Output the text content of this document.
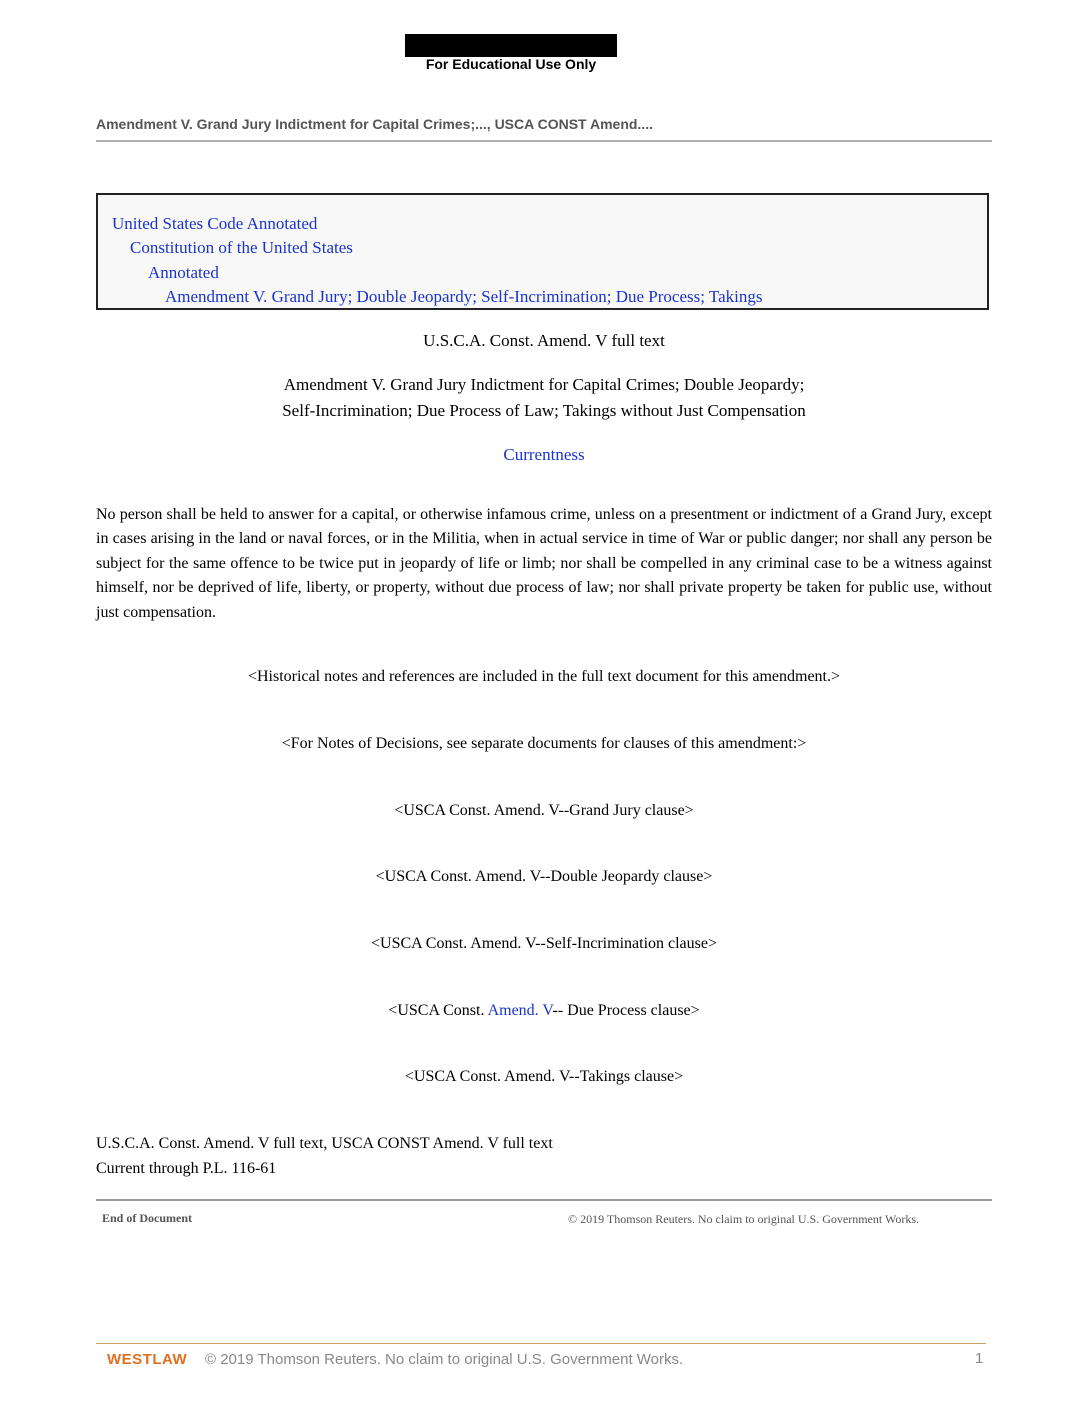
For Educational Use Only
Amendment V. Grand Jury Indictment for Capital Crimes;..., USCA CONST Amend....
United States Code Annotated
Constitution of the United States
Annotated
Amendment V. Grand Jury; Double Jeopardy; Self-Incrimination; Due Process; Takings
U.S.C.A. Const. Amend. V full text
Amendment V. Grand Jury Indictment for Capital Crimes; Double Jeopardy;
Self-Incrimination; Due Process of Law; Takings without Just Compensation
Currentness
No person shall be held to answer for a capital, or otherwise infamous crime, unless on a presentment or indictment of a Grand Jury, except in cases arising in the land or naval forces, or in the Militia, when in actual service in time of War or public danger; nor shall any person be subject for the same offence to be twice put in jeopardy of life or limb; nor shall be compelled in any criminal case to be a witness against himself, nor be deprived of life, liberty, or property, without due process of law; nor shall private property be taken for public use, without just compensation.
<Historical notes and references are included in the full text document for this amendment.>
<For Notes of Decisions, see separate documents for clauses of this amendment:>
<USCA Const. Amend. V--Grand Jury clause>
<USCA Const. Amend. V--Double Jeopardy clause>
<USCA Const. Amend. V--Self-Incrimination clause>
<USCA Const. Amend. V-- Due Process clause>
<USCA Const. Amend. V--Takings clause>
U.S.C.A. Const. Amend. V full text, USCA CONST Amend. V full text
Current through P.L. 116-61
End of Document	© 2019 Thomson Reuters. No claim to original U.S. Government Works.
WESTLAW © 2019 Thomson Reuters. No claim to original U.S. Government Works.	1
